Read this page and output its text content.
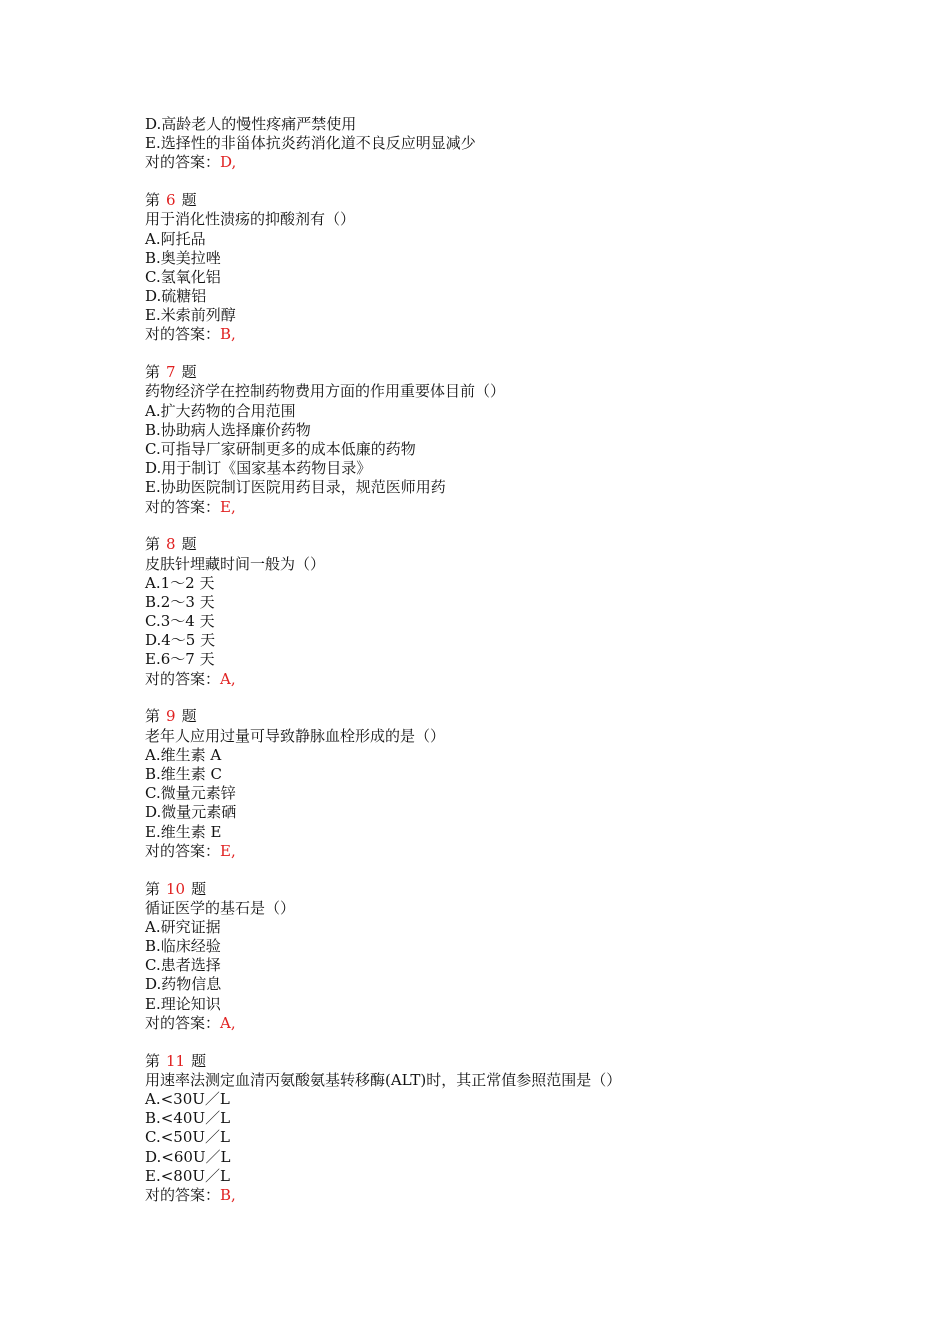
D.高龄老人的慢性疼痛严禁使用
E.选择性的非甾体抗炎药消化道不良反应明显减少
对的答案：D,
第 6 题
用于消化性溃疡的抑酸剂有（）
A.阿托品
B.奥美拉唑
C.氢氧化铝
D.硫糖铝
E.米索前列醇
对的答案：B,
第 7 题
药物经济学在控制药物费用方面的作用重要体目前（）
A.扩大药物的合用范围
B.协助病人选择廉价药物
C.可指导厂家研制更多的成本低廉的药物
D.用于制订《国家基本药物目录》
E.协助医院制订医院用药目录，规范医师用药
对的答案：E,
第 8 题
皮肤针埋藏时间一般为（）
A.1～2 天
B.2～3 天
C.3～4 天
D.4～5 天
E.6～7 天
对的答案：A,
第 9 题
老年人应用过量可导致静脉血栓形成的是（）
A.维生素 A
B.维生素 C
C.微量元素锌
D.微量元素硒
E.维生素 E
对的答案：E,
第 10 题
循证医学的基石是（）
A.研究证据
B.临床经验
C.患者选择
D.药物信息
E.理论知识
对的答案：A,
第 11 题
用速率法测定血清丙氨酸氨基转移酶(ALT)时，其正常值参照范围是（）
A.<30U／L
B.<40U／L
C.<50U／L
D.<60U／L
E.<80U／L
对的答案：B,
